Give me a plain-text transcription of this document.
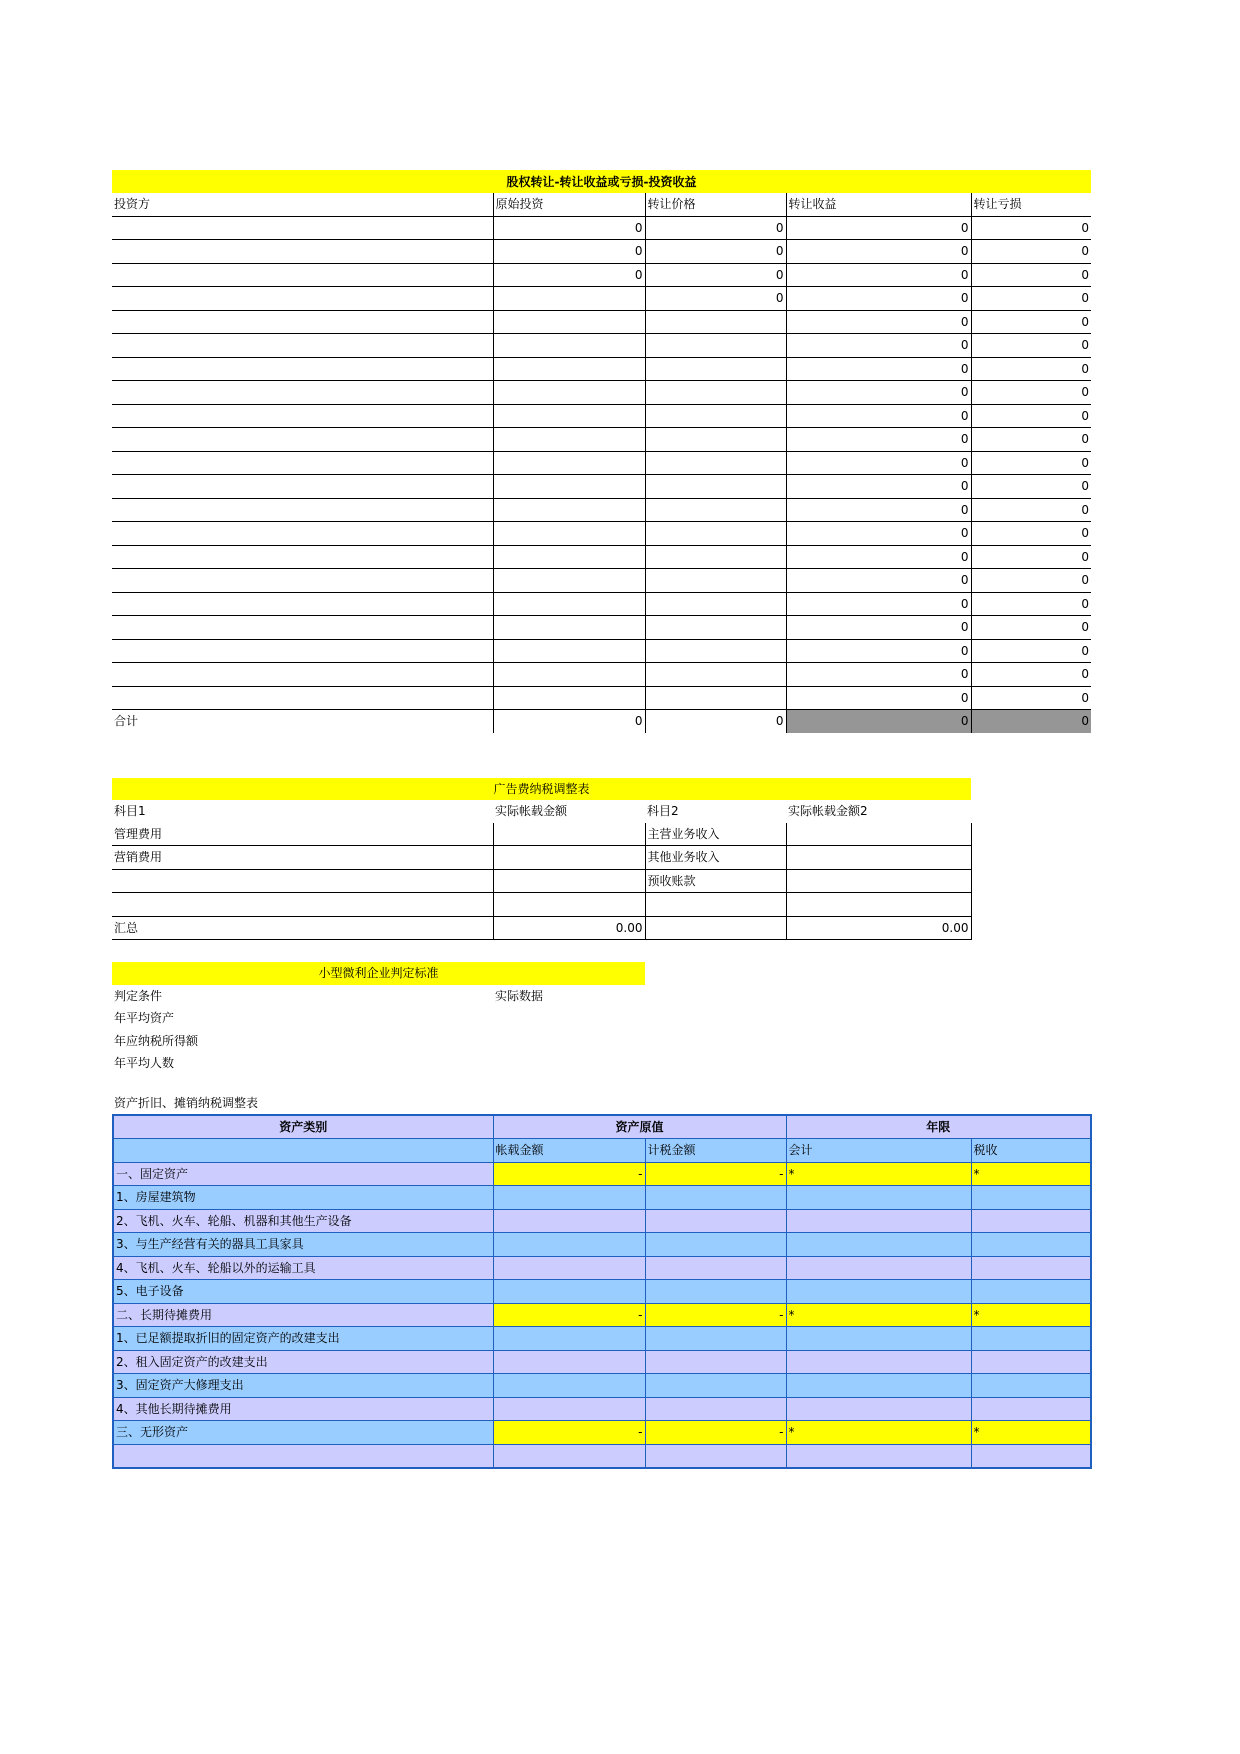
股权转让-转让收益或亏损-投资收益				
投资方	原始投资	转让价格	转让收益	转让亏损
	0	0	0	0
	0	0	0	0
	0	0	0	0
		0	0	0
			0	0
			0	0
			0	0
			0	0
			0	0
			0	0
			0	0
			0	0
			0	0
			0	0
			0	0
			0	0
			0	0
			0	0
			0	0
			0	0
			0	0
合计	0	0	0	0
广告费纳税调整表			
科目1	实际帐载金额	科目2	实际帐载金额2
管理费用		主营业务收入	
营销费用		其他业务收入	
		预收账款	

汇总	0.00		0.00
小型微利企业判定标准	
判定条件	实际数据
年平均资产	
年应纳税所得额	
年平均人数	
资产折旧、摊销纳税调整表
资产类别	资产原值		年限	
	帐载金额	计税金额	会计	税收
一、固定资产	-	-	*	*
1、房屋建筑物				
2、飞机、火车、轮船、机器和其他生产设备				
3、与生产经营有关的器具工具家具				
4、飞机、火车、轮船以外的运输工具				
5、电子设备				
二、长期待摊费用	-	-	*	*
1、已足额提取折旧的固定资产的改建支出				
2、租入固定资产的改建支出				
3、固定资产大修理支出				
4、其他长期待摊费用				
三、无形资产	-	-	*	*
